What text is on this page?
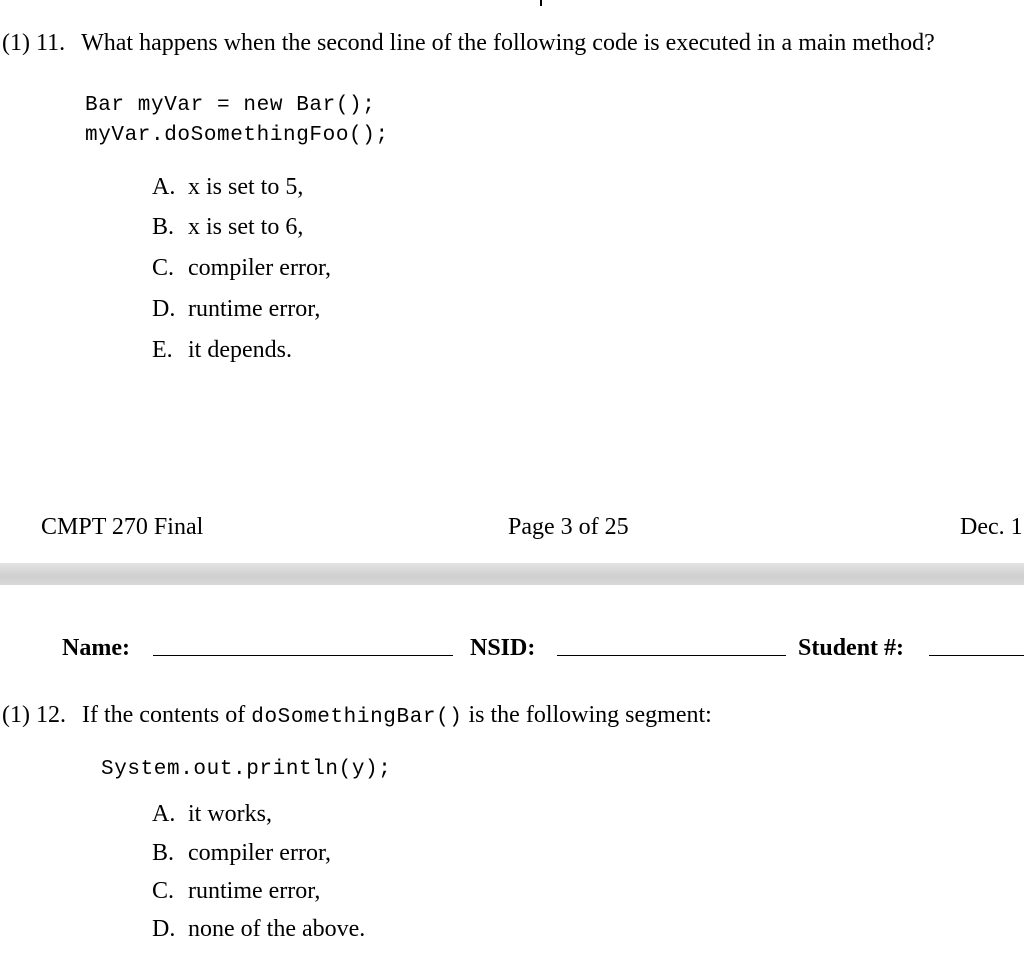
(1) 11. What happens when the second line of the following code is executed in a main method?
Bar myVar = new Bar();
myVar.doSomethingFoo();
A. x is set to 5,
B. x is set to 6,
C. compiler error,
D. runtime error,
E. it depends.
CMPT 270 Final	Page 3 of 25	Dec. 1
Name:	NSID:	Student #:
(1) 12. If the contents of doSomethingBar() is the following segment:
System.out.println(y);
A. it works,
B. compiler error,
C. runtime error,
D. none of the above.
